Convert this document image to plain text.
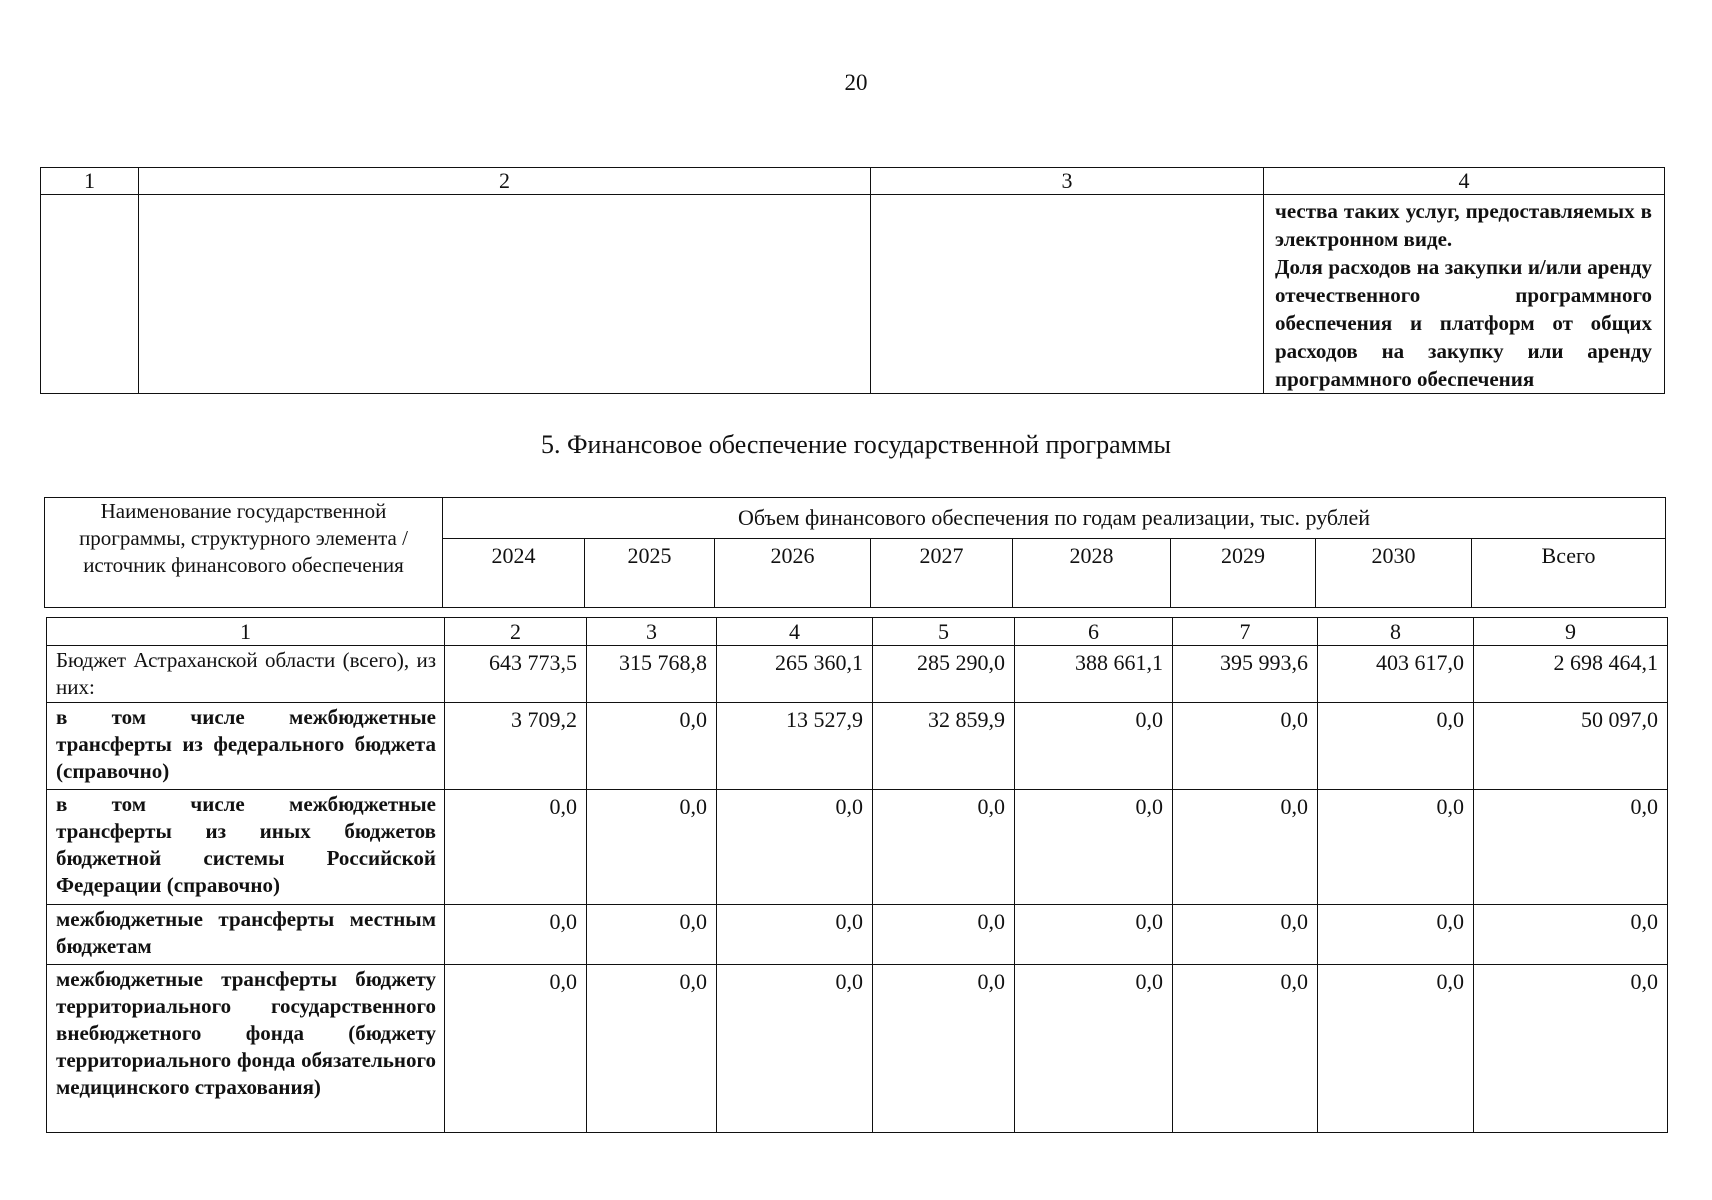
20
1	2	3	4

			чества таких услуг, предоставляемых в электронном виде.

Доля расходов на закупки и/или аренду отечественного программного обеспечения и платформ от общих расходов на закупку или аренду программного обеспечения

5. Финансовое обеспечение государственной программы
Наименование государственной программы, структурного элемента / источник финансового обеспечения	Объем финансового обеспечения по годам реализации, тыс. рублей							
	2024	2025	2026	2027	2028	2029	2030	Всего
1	2	3	4	5	6	7	8	9
Бюджет Астраханской области (всего), из них:	643 773,5	315 768,8	265 360,1	285 290,0	388 661,1	395 993,6	403 617,0	2 698 464,1
в том числе межбюджетные трансферты из федерального бюджета (справочно)	3 709,2	0,0	13 527,9	32 859,9	0,0	0,0	0,0	50 097,0
в том числе межбюджетные трансферты из иных бюджетов бюджетной системы Российской Федерации (справочно)	0,0	0,0	0,0	0,0	0,0	0,0	0,0	0,0
межбюджетные трансферты местным бюджетам	0,0	0,0	0,0	0,0	0,0	0,0	0,0	0,0
межбюджетные трансферты бюджету территориального государственного внебюджетного фонда (бюджету территориального фонда обязательного медицинского страхования)	0,0	0,0	0,0	0,0	0,0	0,0	0,0	0,0
